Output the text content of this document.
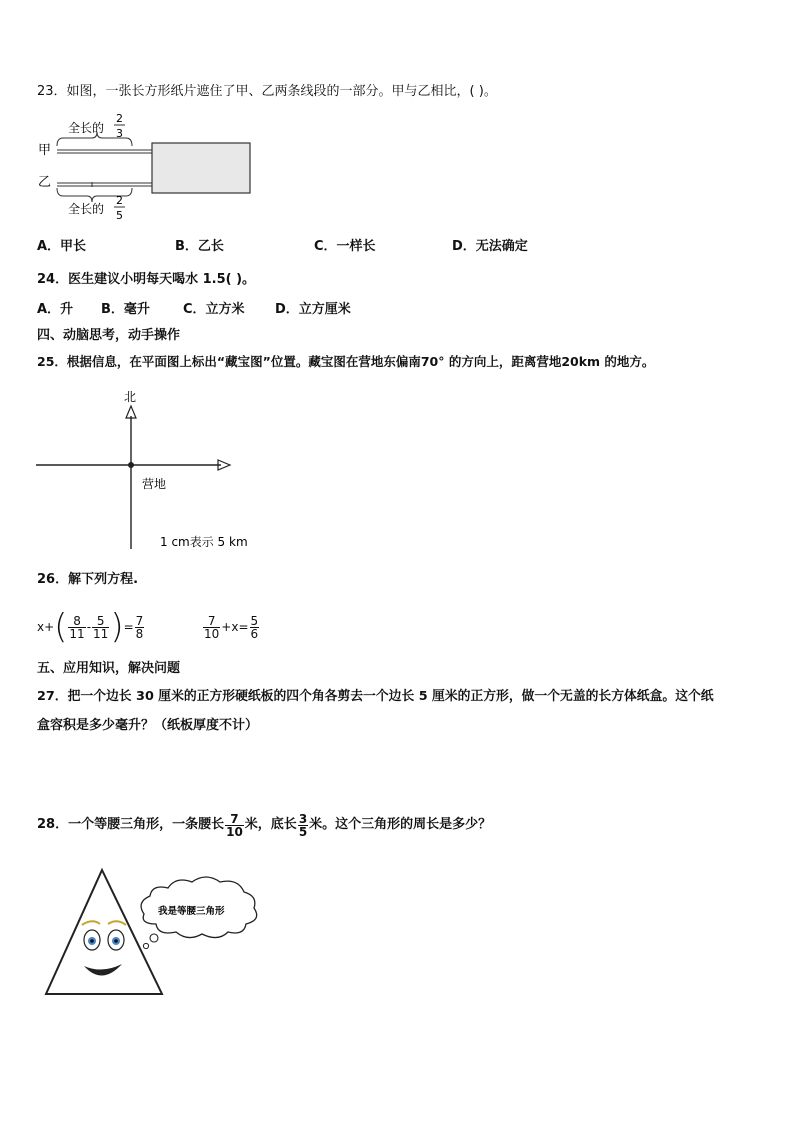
23．如图，一张长方形纸片遮住了甲、乙两条线段的一部分。甲与乙相比，( )。
甲
乙
全长的
2
3
全长的
2
5
A．甲长	B．乙长	C．一样长	D．无法确定
24．医生建议小明每天喝水 1.5( )。
A．升 B．毫升	C．立方米 D．立方厘米
四、动脑思考，动手操作
25．根据信息，在平面图上标出“藏宝图”位置。藏宝图在营地东偏南70° 的方向上，距离营地20km 的地方。
北
营地
1 cm表示 5 km
26．解下列方程.
x+ ( $\frac{8}{11} - \frac{5}{11}$ ) = $\frac{7}{8}$	$\frac{7}{10} +x= \frac{5}{6}$
五、应用知识，解决问题
27．把一个边长 30 厘米的正方形硬纸板的四个角各剪去一个边长 5 厘米的正方形，做一个无盖的长方体纸盒。这个纸
盒容积是多少毫升？（纸板厚度不计）
28．一个等腰三角形，一条腰长 $\frac{7}{10}$ 米，底长 $\frac{3}{5}$ 米。这个三角形的周长是多少？
我是等腰三角形
